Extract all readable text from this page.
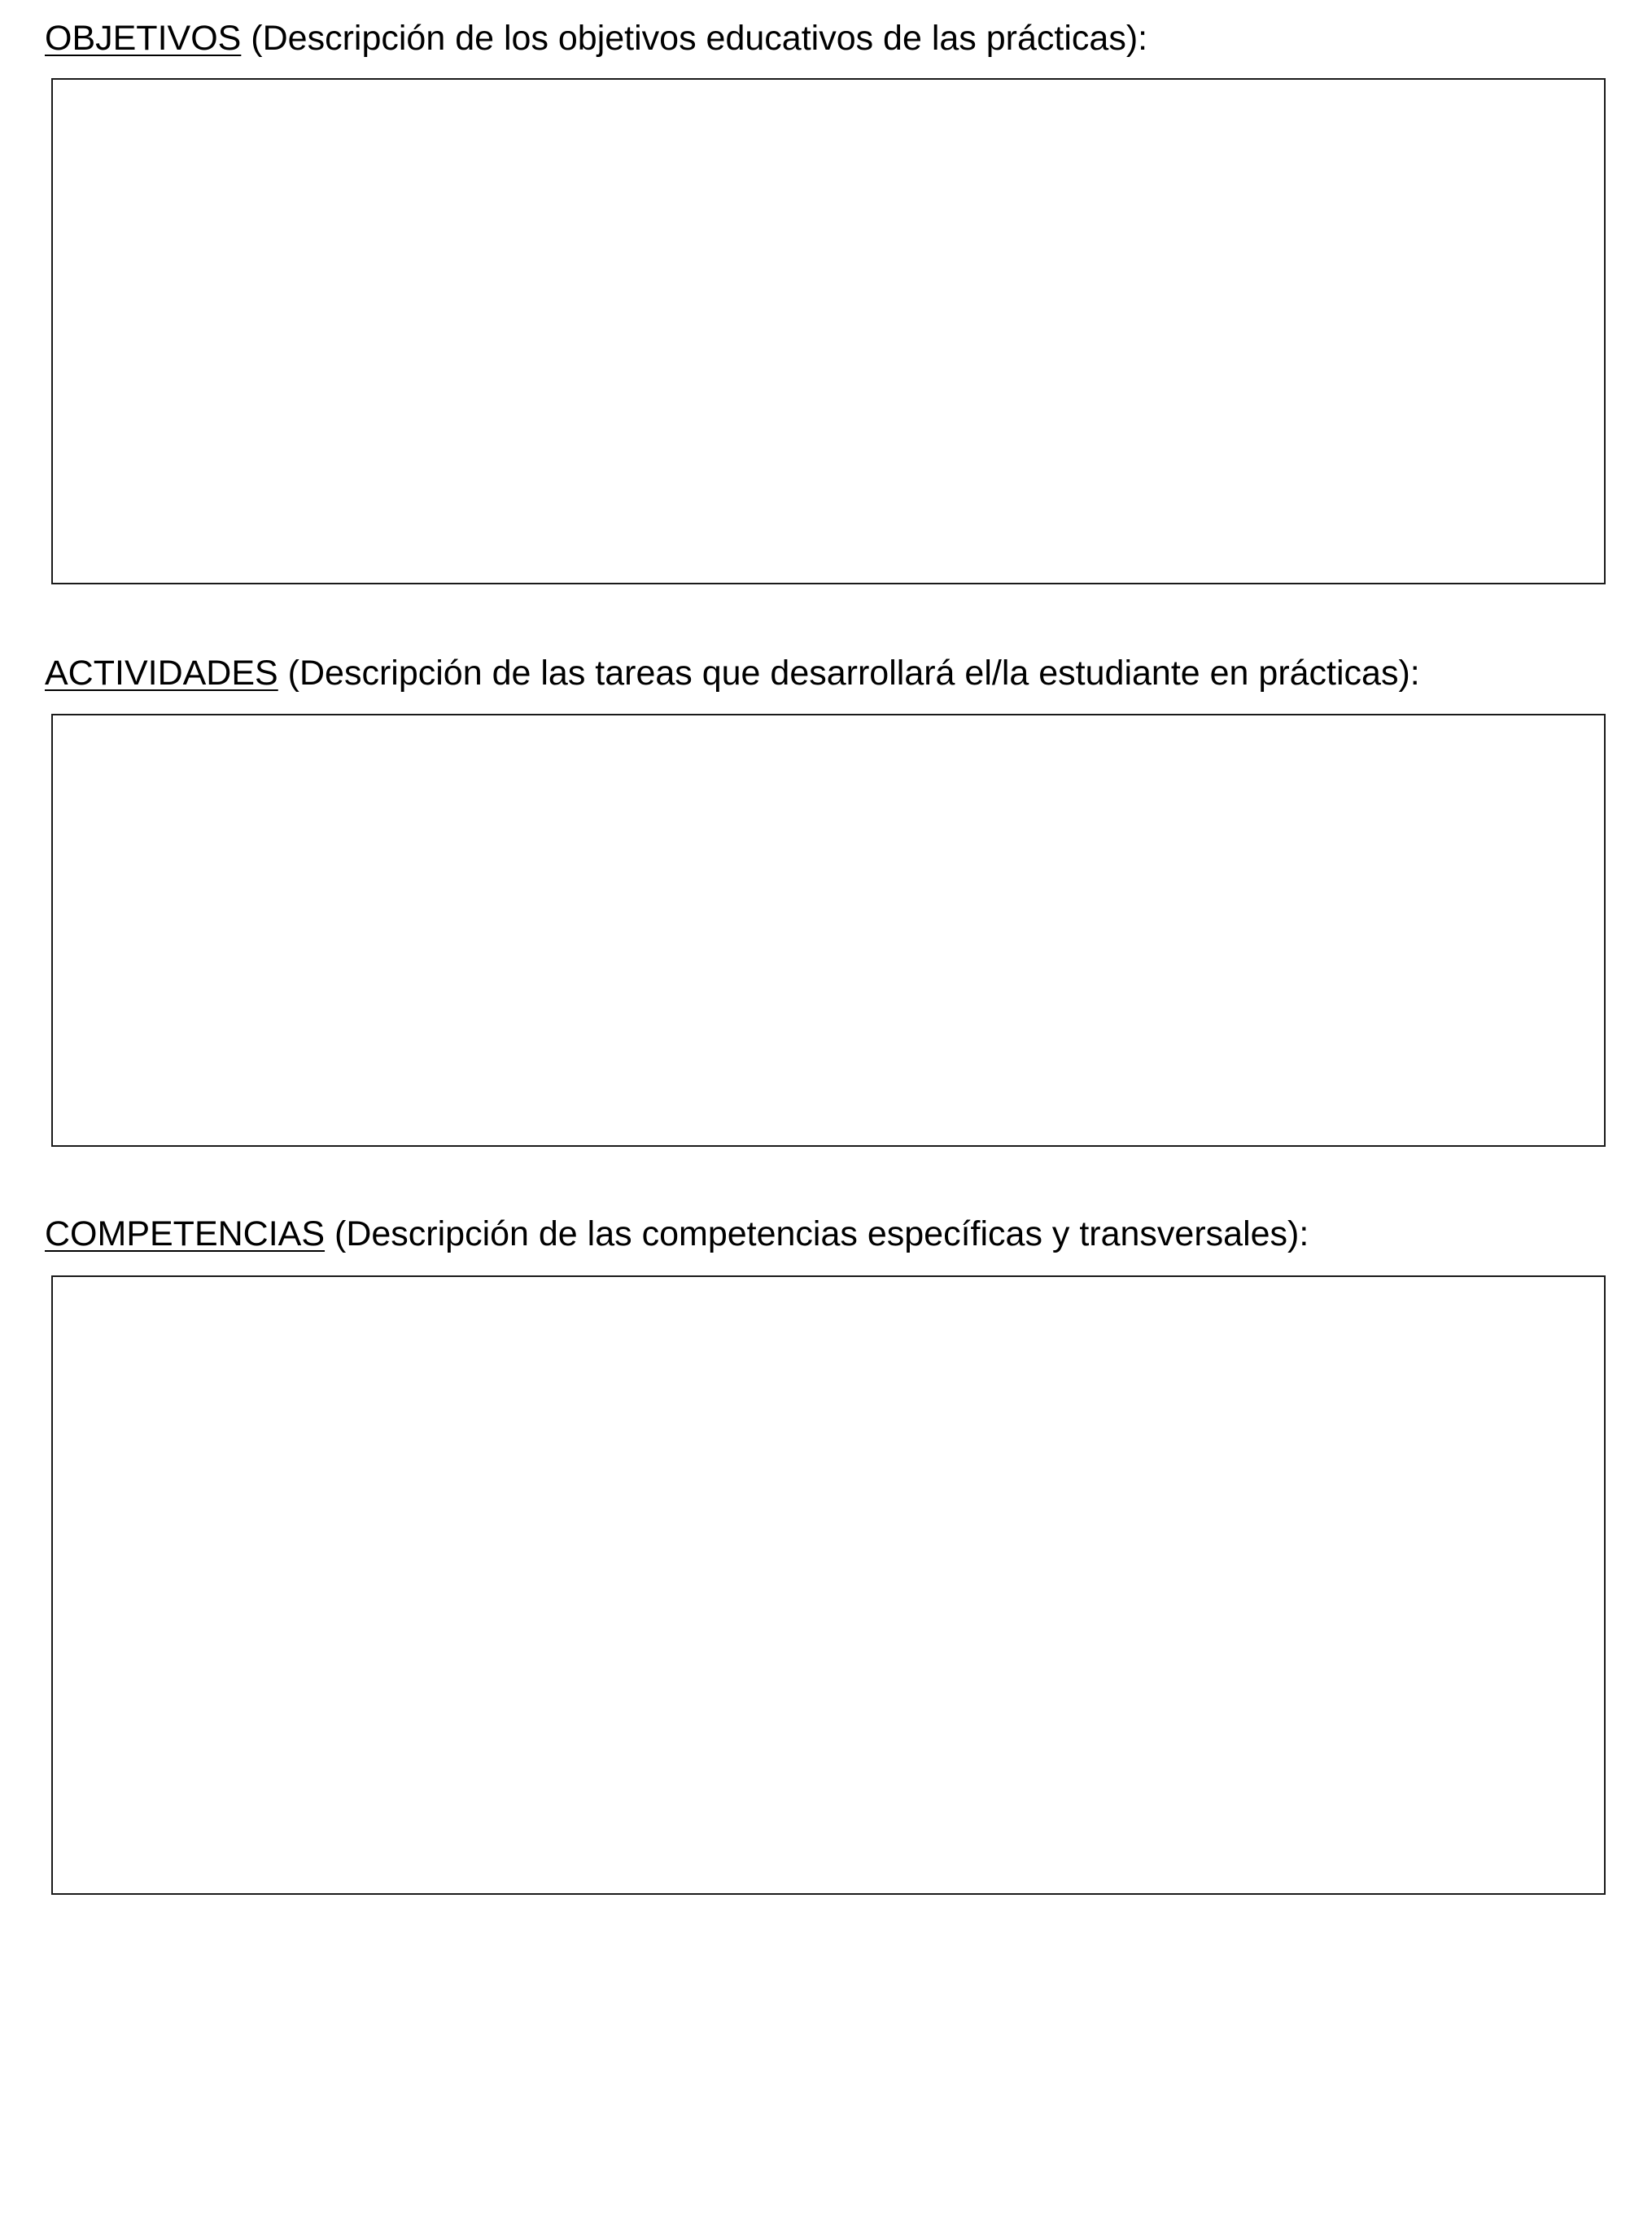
OBJETIVOS (Descripción de los objetivos educativos de las prácticas):
ACTIVIDADES (Descripción de las tareas que desarrollará el/la estudiante en prácticas):
COMPETENCIAS (Descripción de las competencias específicas y transversales):
